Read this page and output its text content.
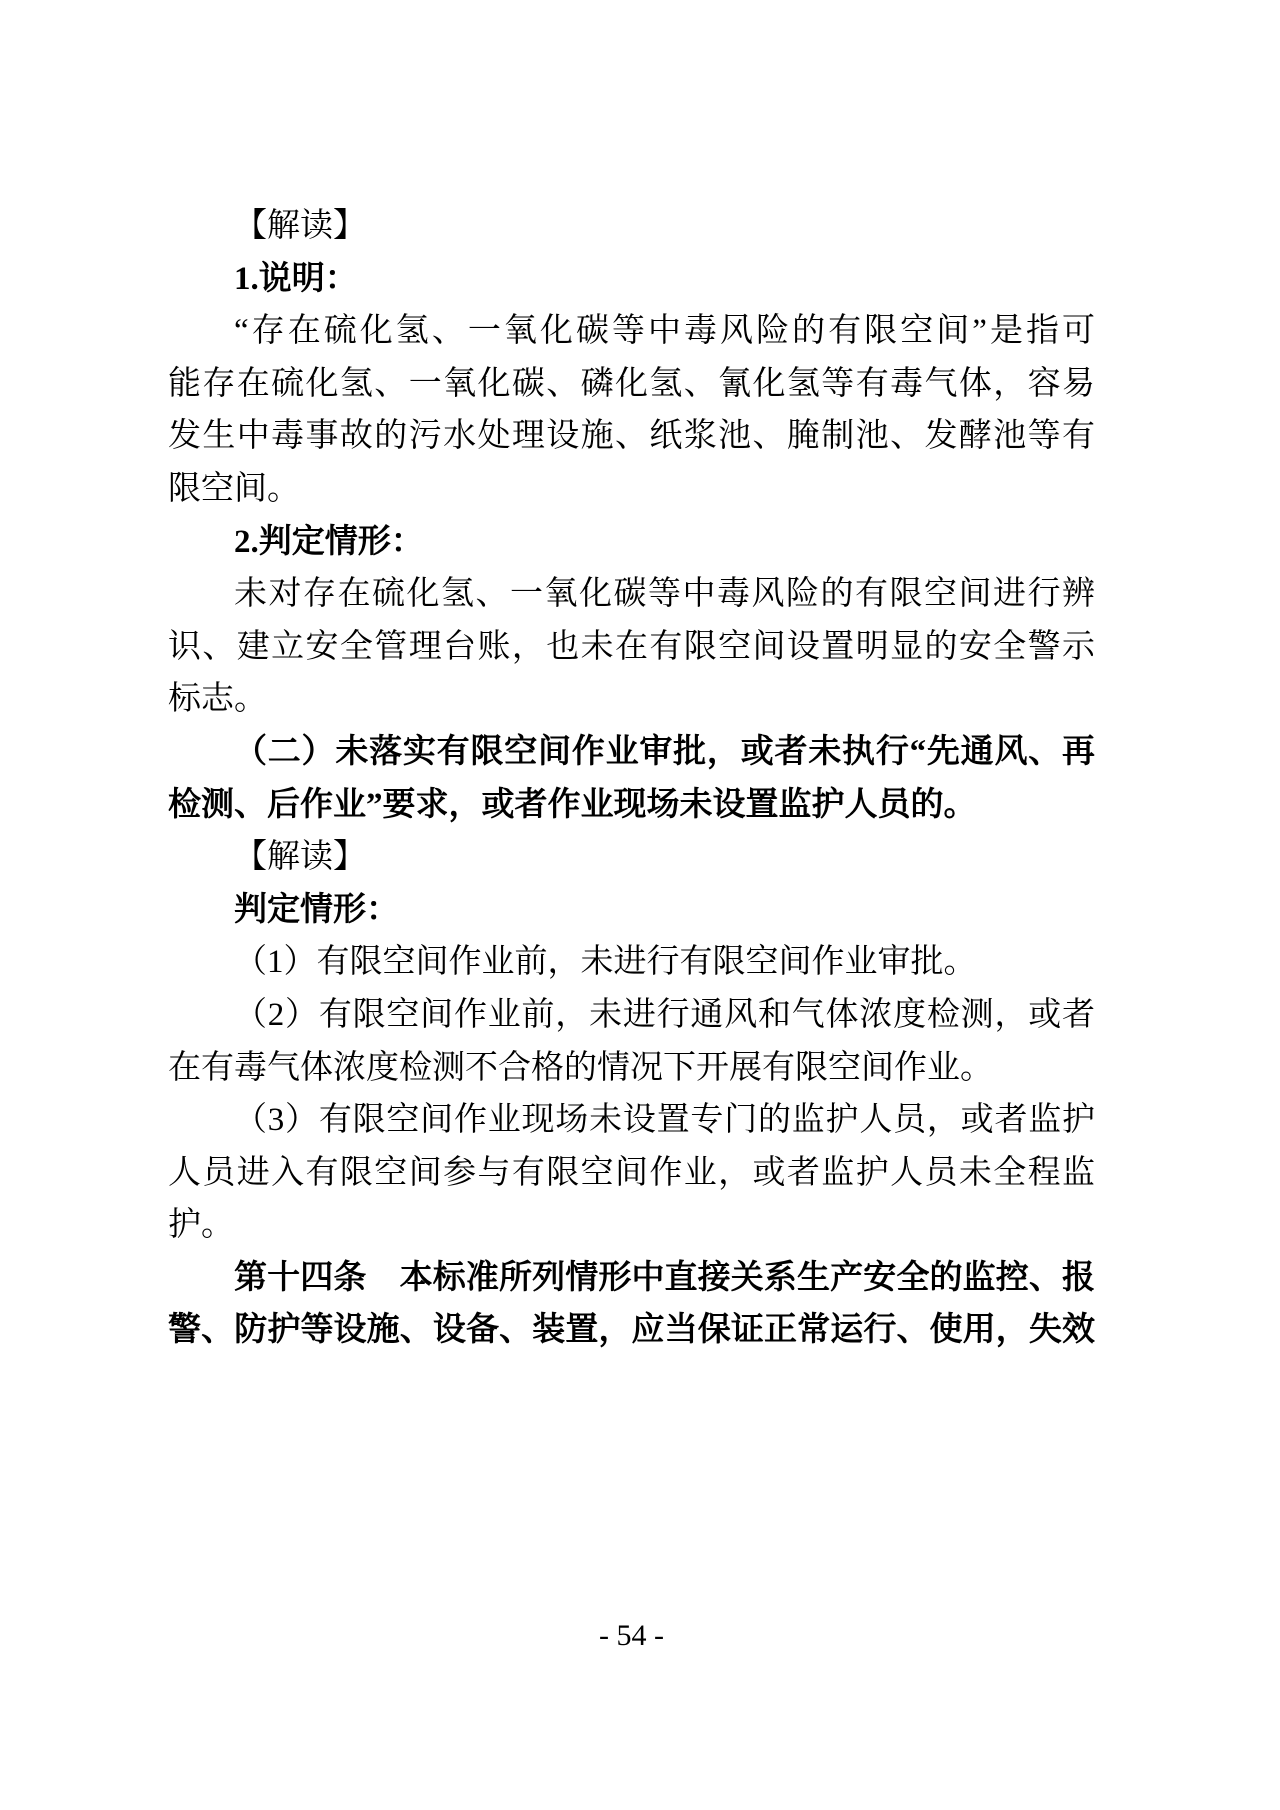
【解读】
1.说明：
“存在硫化氢、一氧化碳等中毒风险的有限空间”是指可
能存在硫化氢、一氧化碳、磷化氢、氰化氢等有毒气体，容易
发生中毒事故的污水处理设施、纸浆池、腌制池、发酵池等有
限空间。
2.判定情形：
未对存在硫化氢、一氧化碳等中毒风险的有限空间进行辨
识、建立安全管理台账，也未在有限空间设置明显的安全警示
标志。
（二）未落实有限空间作业审批，或者未执行“先通风、再
检测、后作业”要求，或者作业现场未设置监护人员的。
【解读】
判定情形：
（1）有限空间作业前，未进行有限空间作业审批。
（2）有限空间作业前，未进行通风和气体浓度检测，或者
在有毒气体浓度检测不合格的情况下开展有限空间作业。
（3）有限空间作业现场未设置专门的监护人员，或者监护
人员进入有限空间参与有限空间作业，或者监护人员未全程监
护。
第十四条　本标准所列情形中直接关系生产安全的监控、报
警、防护等设施、设备、装置，应当保证正常运行、使用，失效
- 54 -
